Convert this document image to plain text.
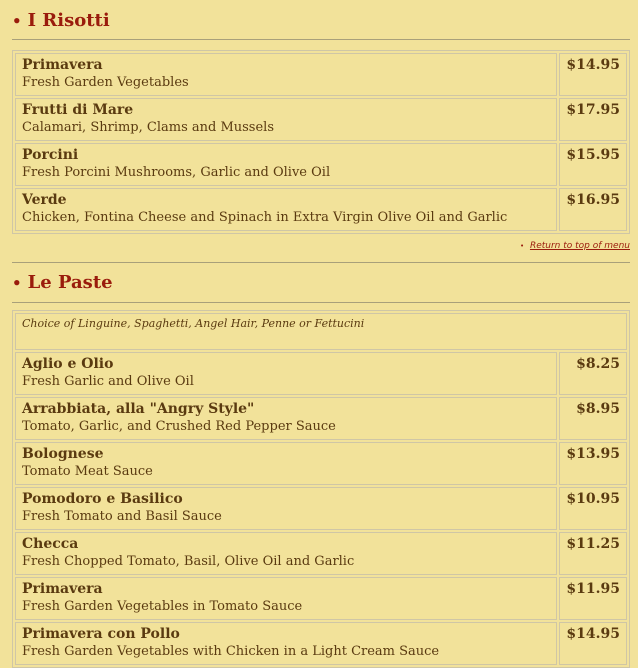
• I Risotti
Primavera
Fresh Garden Vegetables	$14.95

Frutti di Mare
Calamari, Shrimp, Clams and Mussels	$17.95

Porcini
Fresh Porcini Mushrooms, Garlic and Olive Oil	$15.95

Verde
Chicken, Fontina Cheese and Spinach in Extra Virgin Olive Oil and Garlic	$16.95
• Return to top of menu
• Le Paste
Choice of Linguine, Spaghetti, Angel Hair, Penne or Fettucini	

Aglio e Olio
Fresh Garlic and Olive Oil	$8.25

Arrabbiata, alla "Angry Style"
Tomato, Garlic, and Crushed Red Pepper Sauce	$8.95

Bolognese
Tomato Meat Sauce	$13.95

Pomodoro e Basilico
Fresh Tomato and Basil Sauce	$10.95

Checca
Fresh Chopped Tomato, Basil, Olive Oil and Garlic	$11.25

Primavera
Fresh Garden Vegetables in Tomato Sauce	$11.95

Primavera con Pollo
Fresh Garden Vegetables with Chicken in a Light Cream Sauce	$14.95
